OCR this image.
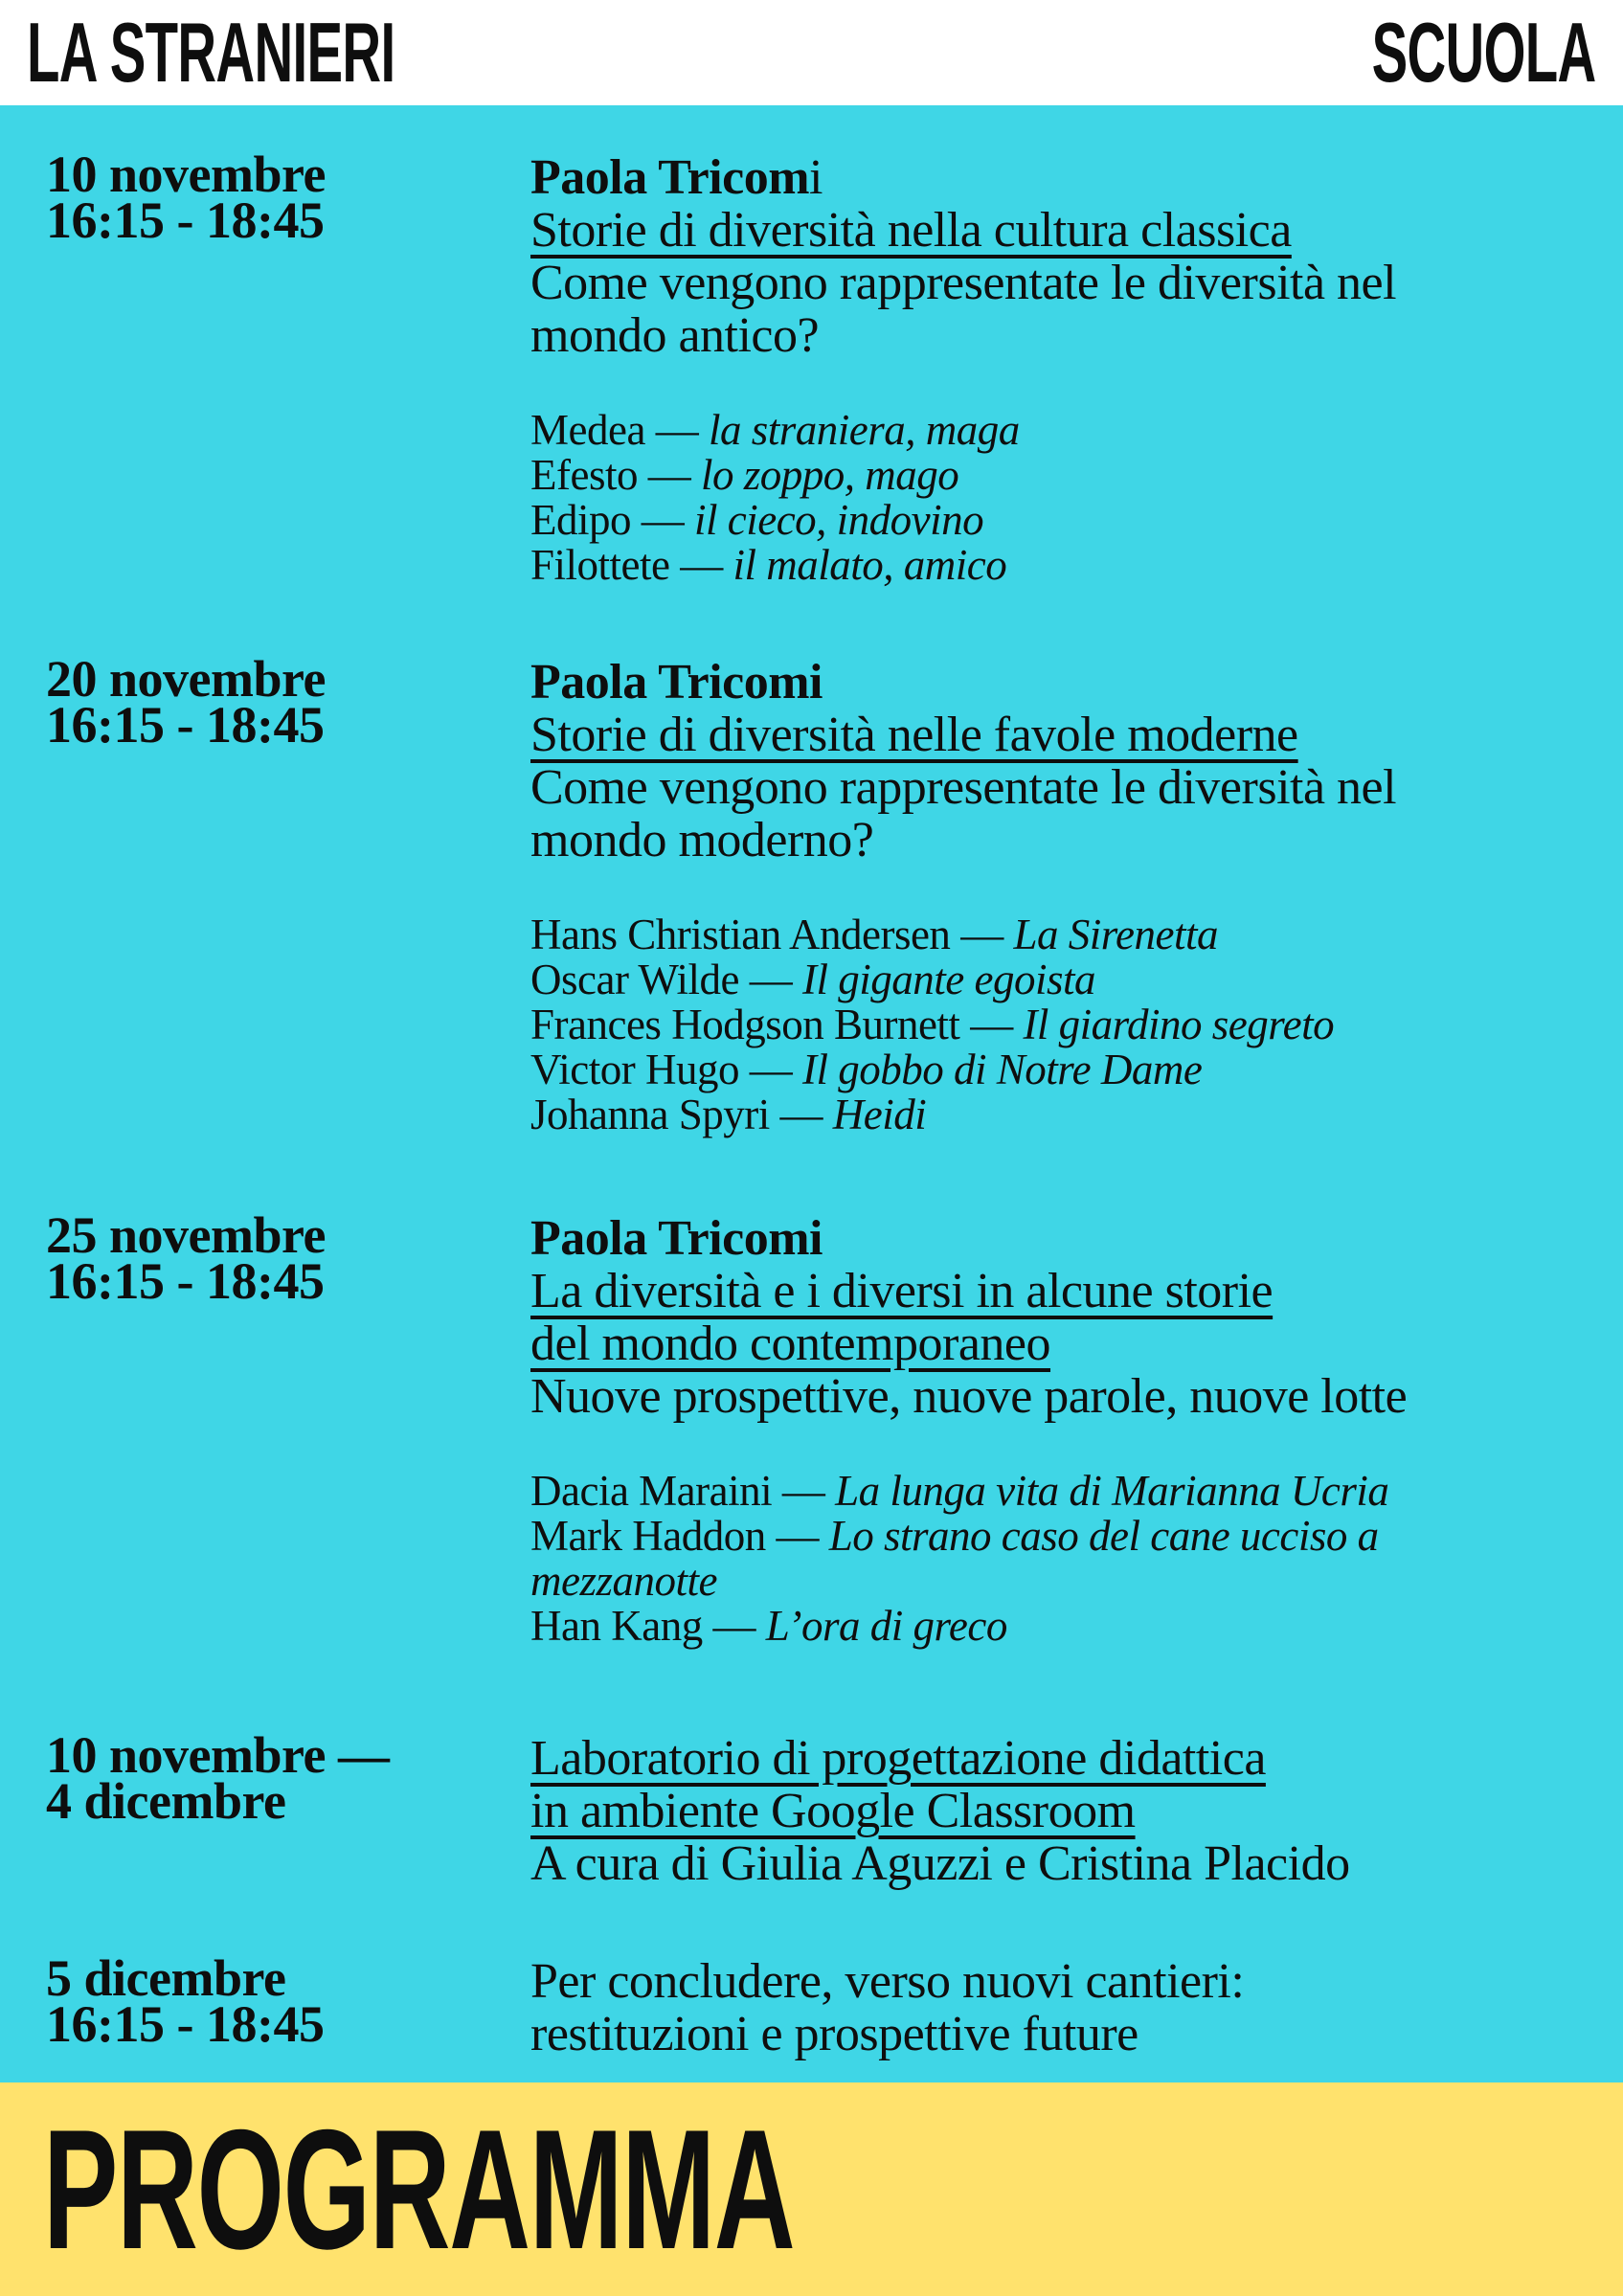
LA STRANIERI	SCUOLA
10 novembre
16:15 - 18:45
Paola Tricomi
Storie di diversità nella cultura classica
Come vengono rappresentate le diversità nel
mondo antico?
Medea — la straniera, maga
Efesto — lo zoppo, mago
Edipo — il cieco, indovino
Filottete — il malato, amico
20 novembre
16:15 - 18:45
Paola Tricomi
Storie di diversità nelle favole moderne
Come vengono rappresentate le diversità nel
mondo moderno?
Hans Christian Andersen — La Sirenetta
Oscar Wilde — Il gigante egoista
Frances Hodgson Burnett — Il giardino segreto
Victor Hugo — Il gobbo di Notre Dame
Johanna Spyri — Heidi
25 novembre
16:15 - 18:45
Paola Tricomi
La diversità e i diversi in alcune storie
del mondo contemporaneo
Nuove prospettive, nuove parole, nuove lotte
Dacia Maraini — La lunga vita di Marianna Ucria
Mark Haddon — Lo strano caso del cane ucciso a
mezzanotte
Han Kang — L’ora di greco
10 novembre —
4 dicembre
Laboratorio di progettazione didattica
in ambiente Google Classroom
A cura di Giulia Aguzzi e Cristina Placido
5 dicembre
16:15 - 18:45
Per concludere, verso nuovi cantieri:
restituzioni e prospettive future
PROGRAMMA
